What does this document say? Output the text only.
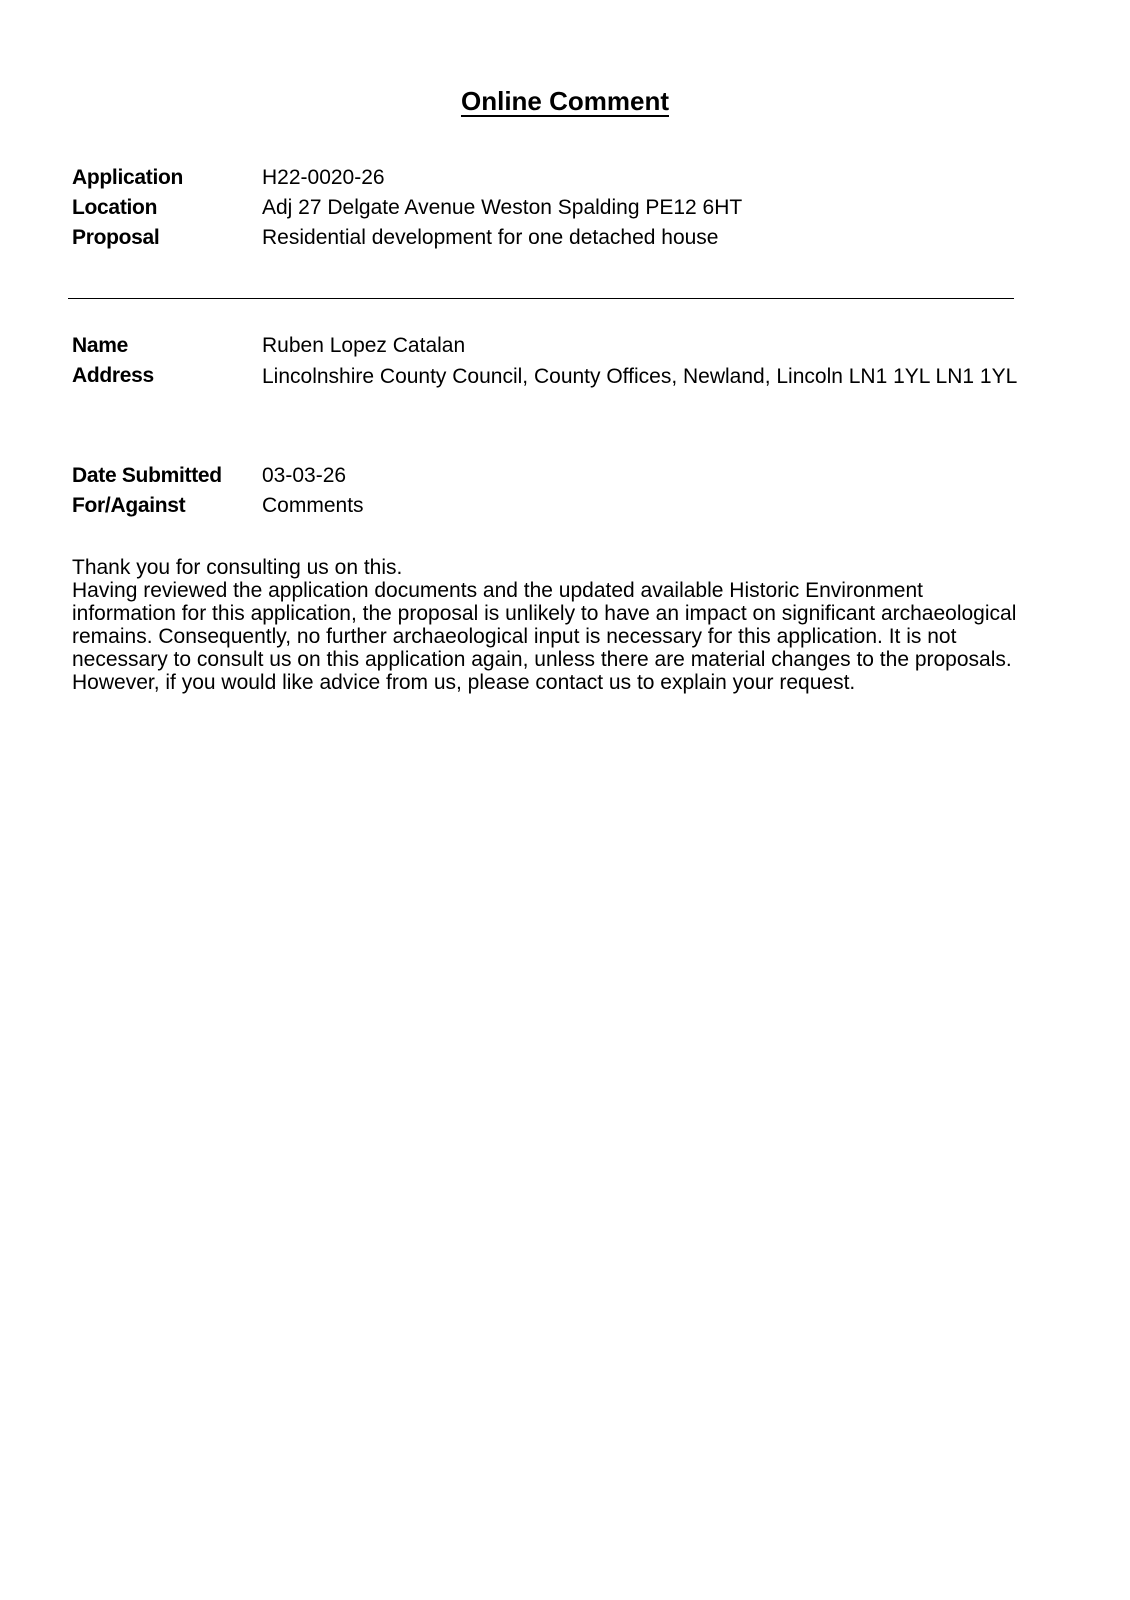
Online Comment
Application	H22-0020-26
Location	Adj 27 Delgate Avenue Weston Spalding PE12 6HT
Proposal	Residential development for one detached house
Name	Ruben Lopez Catalan
Address	Lincolnshire County Council, County Offices, Newland, Lincoln LN1 1YL LN1 1YL
Date Submitted	03-03-26
For/Against	Comments

Thank you for consulting us on this.

Having reviewed the application documents and the updated available Historic Environment information for this application, the proposal is unlikely to have an impact on significant archaeological remains. Consequently, no further archaeological input is necessary for this application. It is not necessary to consult us on this application again, unless there are material changes to the proposals. However, if you would like advice from us, please contact us to explain your request.
